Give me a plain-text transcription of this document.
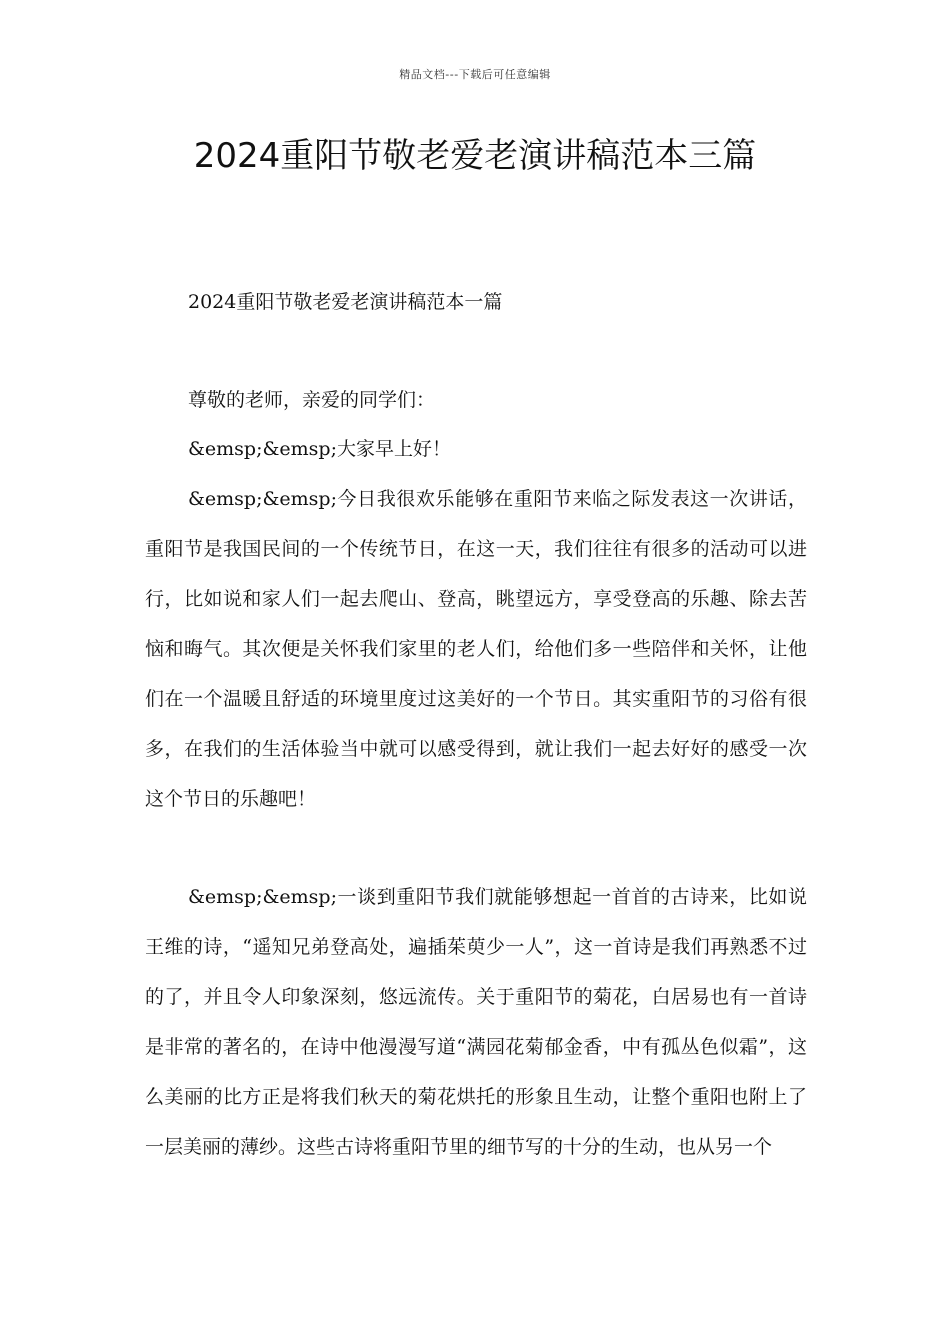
精品文档---下载后可任意编辑
2024重阳节敬老爱老演讲稿范本三篇

2024重阳节敬老爱老演讲稿范本一篇

尊敬的老师，亲爱的同学们：

&emsp;&emsp;大家早上好！

&emsp;&emsp;今日我很欢乐能够在重阳节来临之际发表这一次讲话，重阳节是我国民间的一个传统节日，在这一天，我们往往有很多的活动可以进行，比如说和家人们一起去爬山、登高，眺望远方，享受登高的乐趣、除去苦恼和晦气。其次便是关怀我们家里的老人们，给他们多一些陪伴和关怀，让他们在一个温暖且舒适的环境里度过这美好的一个节日。其实重阳节的习俗有很多，在我们的生活体验当中就可以感受得到，就让我们一起去好好的感受一次这个节日的乐趣吧！

&emsp;&emsp;一谈到重阳节我们就能够想起一首首的古诗来，比如说王维的诗，“遥知兄弟登高处，遍插茱萸少一人”，这一首诗是我们再熟悉不过的了，并且令人印象深刻，悠远流传。关于重阳节的菊花，白居易也有一首诗是非常的著名的，在诗中他漫漫写道“满园花菊郁金香，中有孤丛色似霜”，这么美丽的比方正是将我们秋天的菊花烘托的形象且生动，让整个重阳也附上了一层美丽的薄纱。这些古诗将重阳节里的细节写的十分的生动，也从另一个
